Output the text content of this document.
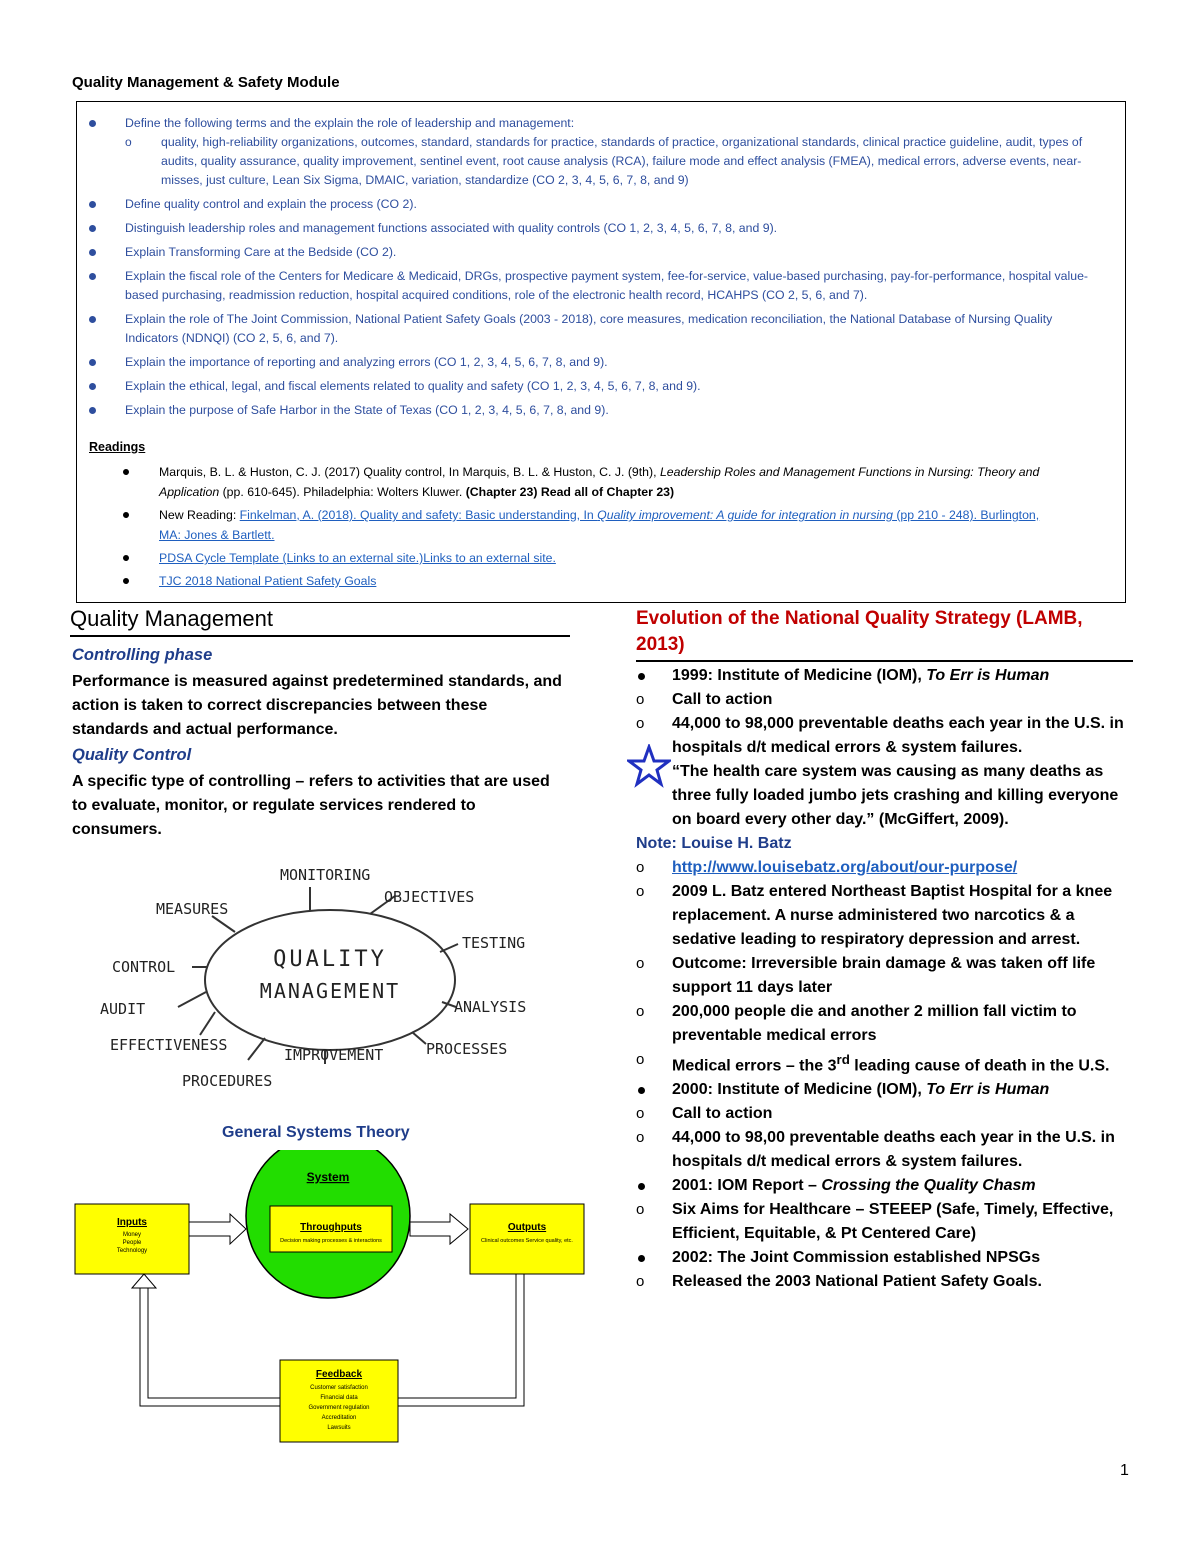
Quality Management & Safety Module
Define the following terms and the explain the role of leadership and management:
o quality, high-reliability organizations, outcomes, standard, standards for practice, standards of practice, organizational standards, clinical practice guideline, audit, types of audits, quality assurance, quality improvement, sentinel event, root cause analysis (RCA), failure mode and effect analysis (FMEA), medical errors, adverse events, near-misses, just culture, Lean Six Sigma, DMAIC, variation, standardize (CO 2, 3, 4, 5, 6, 7, 8, and 9)
Define quality control and explain the process (CO 2).
Distinguish leadership roles and management functions associated with quality controls (CO 1, 2, 3, 4, 5, 6, 7, 8, and 9).
Explain Transforming Care at the Bedside (CO 2).
Explain the fiscal role of the Centers for Medicare & Medicaid, DRGs, prospective payment system, fee-for-service, value-based purchasing, pay-for-performance, hospital value-based purchasing, readmission reduction, hospital acquired conditions, role of the electronic health record, HCAHPS (CO 2, 5, 6, and 7).
Explain the role of The Joint Commission, National Patient Safety Goals (2003 - 2018), core measures, medication reconciliation, the National Database of Nursing Quality Indicators (NDNQI) (CO 2, 5, 6, and 7).
Explain the importance of reporting and analyzing errors (CO 1, 2, 3, 4, 5, 6, 7, 8, and 9).
Explain the ethical, legal, and fiscal elements related to quality and safety (CO 1, 2, 3, 4, 5, 6, 7, 8, and 9).
Explain the purpose of Safe Harbor in the State of Texas (CO 1, 2, 3, 4, 5, 6, 7, 8, and 9).
Readings
Marquis, B. L. & Huston, C. J. (2017) Quality control, In Marquis, B. L. & Huston, C. J. (9th), Leadership Roles and Management Functions in Nursing: Theory and Application (pp. 610-645). Philadelphia: Wolters Kluwer. (Chapter 23) Read all of Chapter 23)
New Reading: Finkelman, A. (2018). Quality and safety: Basic understanding, In Quality improvement: A guide for integration in nursing (pp 210 - 248). Burlington, MA: Jones & Bartlett.
PDSA Cycle Template (Links to an external site.)Links to an external site.
TJC 2018 National Patient Safety Goals
Quality Management
Controlling phase
Performance is measured against predetermined standards, and action is taken to correct discrepancies between these standards and actual performance.
Quality Control
A specific type of controlling – refers to activities that are used to evaluate, monitor, or regulate services rendered to consumers.
QUALITY
MANAGEMENT
MONITORING
OBJECTIVES
TESTING
ANALYSIS
PROCESSES
IMPROVEMENT
PROCEDURES
EFFECTIVENESS
AUDIT
CONTROL
MEASURES
General Systems Theory
System
Throughputs
Decision making processes & interactions
Inputs
Money
People
Technology
Outputs
Clinical outcomes Service quality, etc.
Feedback
Customer satisfaction
Financial data
Government regulation
Accreditation
Lawsuits
Evolution of the National Quality Strategy (LAMB, 2013)
1999: Institute of Medicine (IOM), To Err is Human
o Call to action
o 44,000 to 98,000 preventable deaths each year in the U.S. in hospitals d/t medical errors & system failures.
“The health care system was causing as many deaths as three fully loaded jumbo jets crashing and killing everyone on board every other day.” (McGiffert, 2009).
Note: Louise H. Batz
o http://www.louisebatz.org/about/our-purpose/
o 2009 L. Batz entered Northeast Baptist Hospital for a knee replacement. A nurse administered two narcotics & a sedative leading to respiratory depression and arrest.
o Outcome: Irreversible brain damage & was taken off life support 11 days later
o 200,000 people die and another 2 million fall victim to preventable medical errors
o Medical errors – the 3rd leading cause of death in the U.S.
2000: Institute of Medicine (IOM), To Err is Human
o Call to action
o 44,000 to 98,00 preventable deaths each year in the U.S. in hospitals d/t medical errors & system failures.
2001: IOM Report – Crossing the Quality Chasm
o Six Aims for Healthcare – STEEEP (Safe, Timely, Effective, Efficient, Equitable, & Pt Centered Care)
2002: The Joint Commission established NPSGs
o Released the 2003 National Patient Safety Goals.
1
